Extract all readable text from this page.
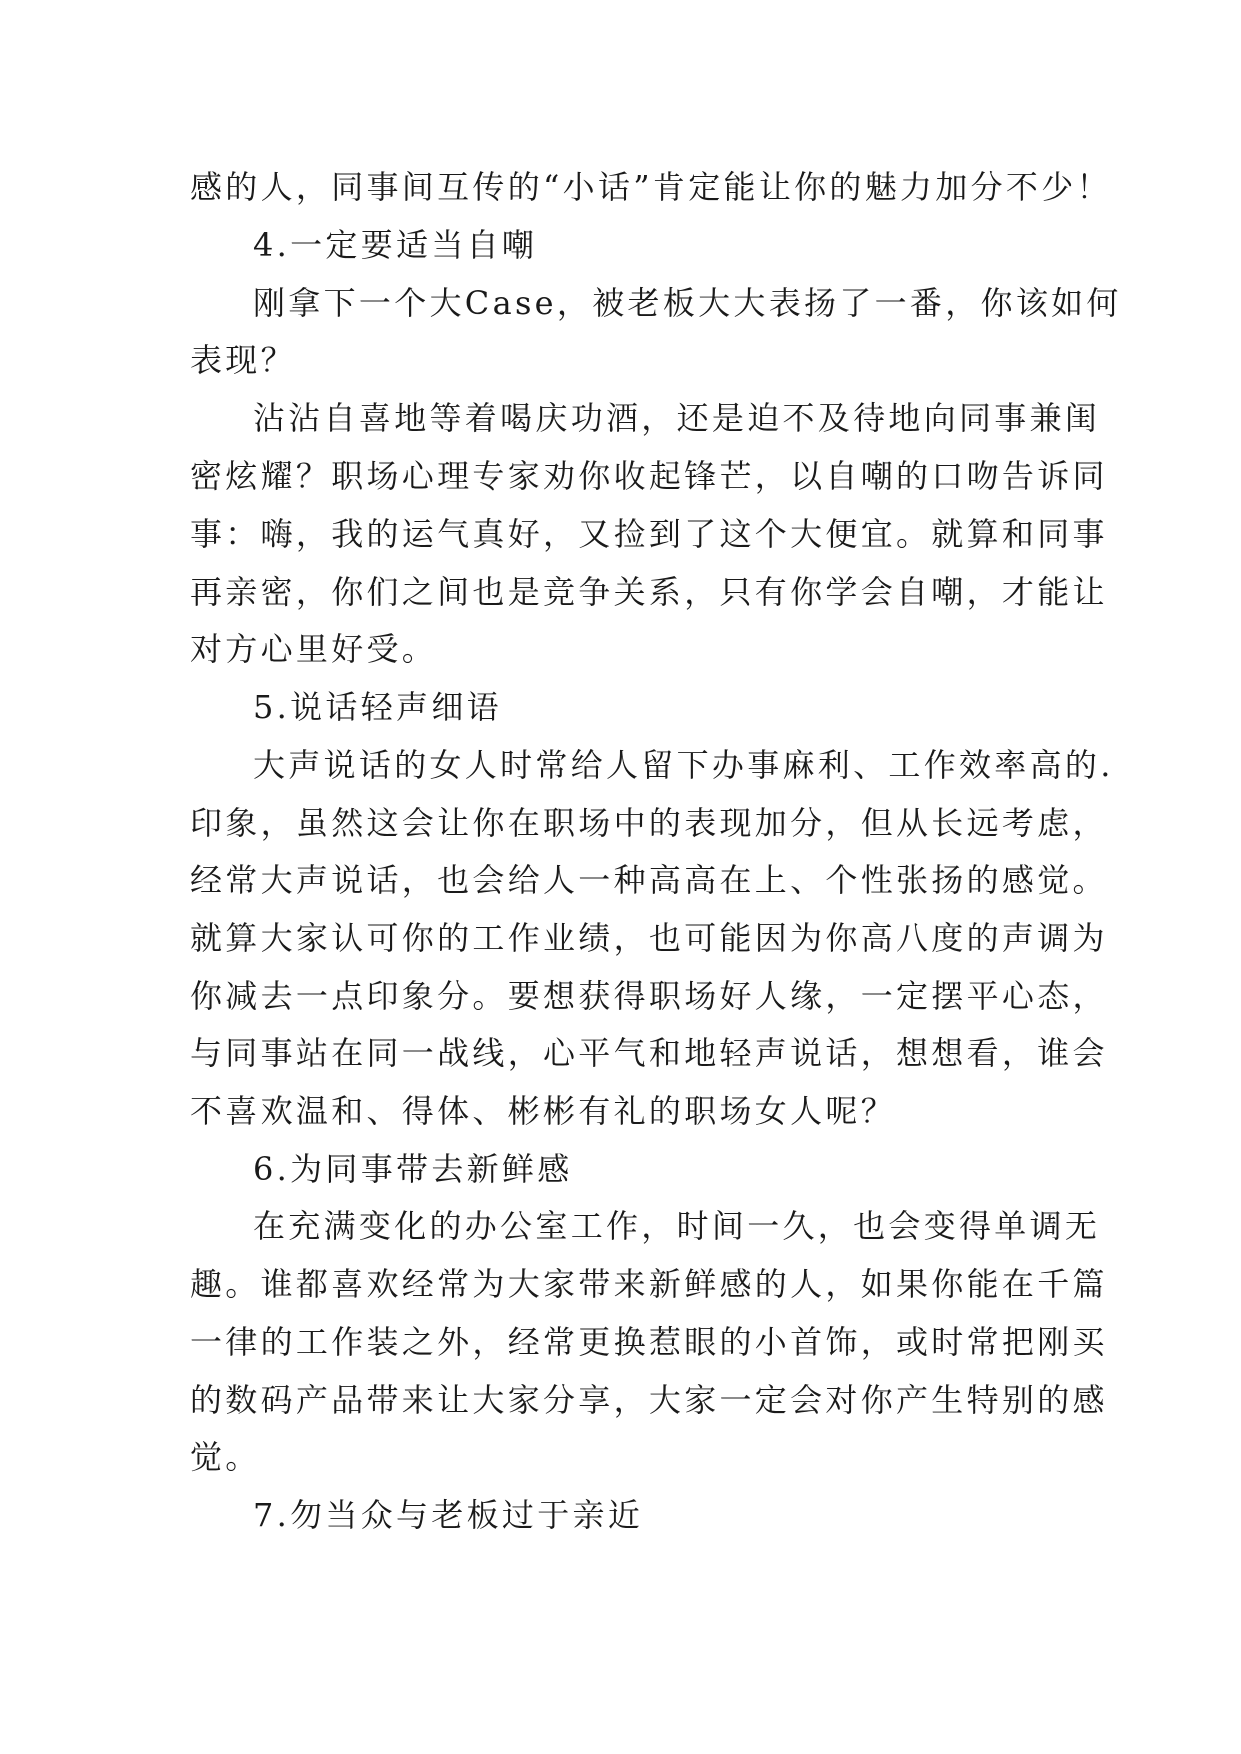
感的人，同事间互传的“小话”肯定能让你的魅力加分不少！
4.一定要适当自嘲
刚拿下一个大Case，被老板大大表扬了一番，你该如何
表现？
沾沾自喜地等着喝庆功酒，还是迫不及待地向同事兼闺
密炫耀？职场心理专家劝你收起锋芒，以自嘲的口吻告诉同
事：嗨，我的运气真好，又捡到了这个大便宜。就算和同事
再亲密，你们之间也是竞争关系，只有你学会自嘲，才能让
对方心里好受。
5.说话轻声细语
大声说话的女人时常给人留下办事麻利、工作效率高的.
印象，虽然这会让你在职场中的表现加分，但从长远考虑，
经常大声说话，也会给人一种高高在上、个性张扬的感觉。
就算大家认可你的工作业绩，也可能因为你高八度的声调为
你减去一点印象分。要想获得职场好人缘，一定摆平心态，
与同事站在同一战线，心平气和地轻声说话，想想看，谁会
不喜欢温和、得体、彬彬有礼的职场女人呢？
6.为同事带去新鲜感
在充满变化的办公室工作，时间一久，也会变得单调无
趣。谁都喜欢经常为大家带来新鲜感的人，如果你能在千篇
一律的工作装之外，经常更换惹眼的小首饰，或时常把刚买
的数码产品带来让大家分享，大家一定会对你产生特别的感
觉。
7.勿当众与老板过于亲近
